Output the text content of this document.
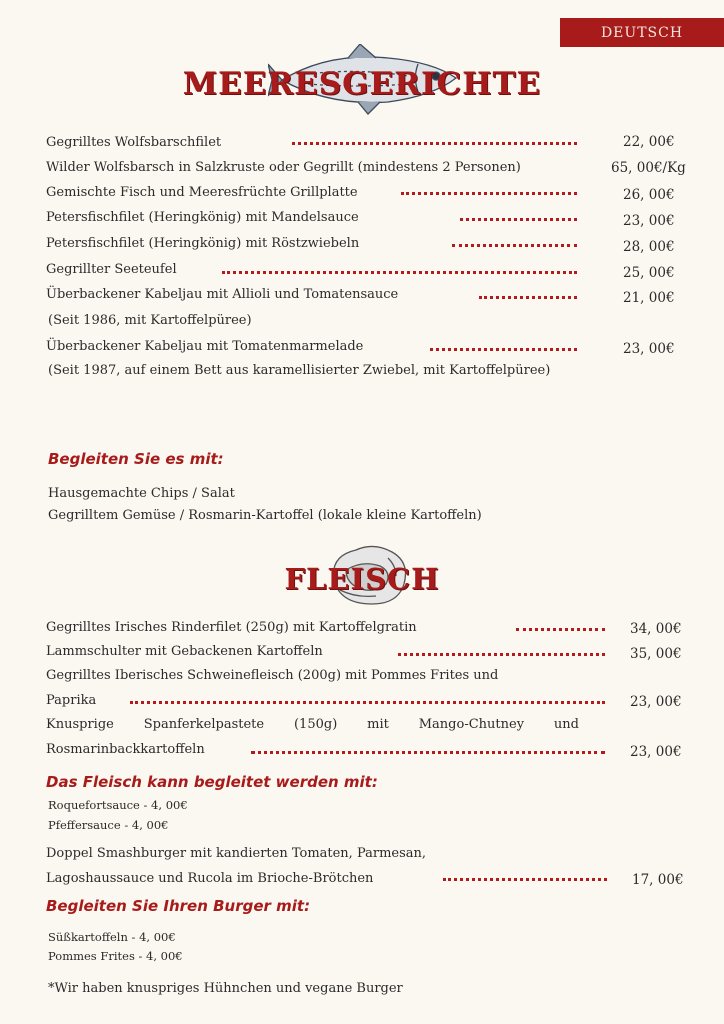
DEUTSCH
MEERESGERICHTE
Gegrilltes Wolfsbarschfilet	22, 00€
Wilder Wolfsbarsch in Salzkruste oder Gegrillt (mindestens 2 Personen)	65, 00€/Kg
Gemischte Fisch und Meeresfrüchte Grillplatte	26, 00€
Petersfischfilet (Heringkönig) mit Mandelsauce	23, 00€
Petersfischfilet (Heringkönig) mit Röstzwiebeln	28, 00€
Gegrillter Seeteufel	25, 00€
Überbackener Kabeljau mit Allioli und Tomatensauce	21, 00€
(Seit 1986, mit Kartoffelpüree)
Überbackener Kabeljau mit Tomatenmarmelade	23, 00€
(Seit 1987, auf einem Bett aus karamellisierter Zwiebel, mit Kartoffelpüree)
Begleiten Sie es mit:
Hausgemachte Chips / Salat
Gegrilltem Gemüse / Rosmarin-Kartoffel (lokale kleine Kartoffeln)
FLEISCH
Gegrilltes Irisches Rinderfilet (250g) mit Kartoffelgratin	34, 00€
Lammschulter mit Gebackenen Kartoffeln	35, 00€
Gegrilltes Iberisches Schweinefleisch (200g) mit Pommes Frites und
Paprika	23, 00€
Knusprige Spanferkelpastete (150g) mit Mango-Chutney und
Rosmarinbackkartoffeln	23, 00€
Das Fleisch kann begleitet werden mit:
Roquefortsauce - 4, 00€
Pfeffersauce - 4, 00€
Doppel Smashburger mit kandierten Tomaten, Parmesan,
Lagoshaussauce und Rucola im Brioche-Brötchen	17, 00€
Begleiten Sie Ihren Burger mit:
Süßkartoffeln - 4, 00€
Pommes Frites - 4, 00€
*Wir haben knuspriges Hühnchen und vegane Burger
